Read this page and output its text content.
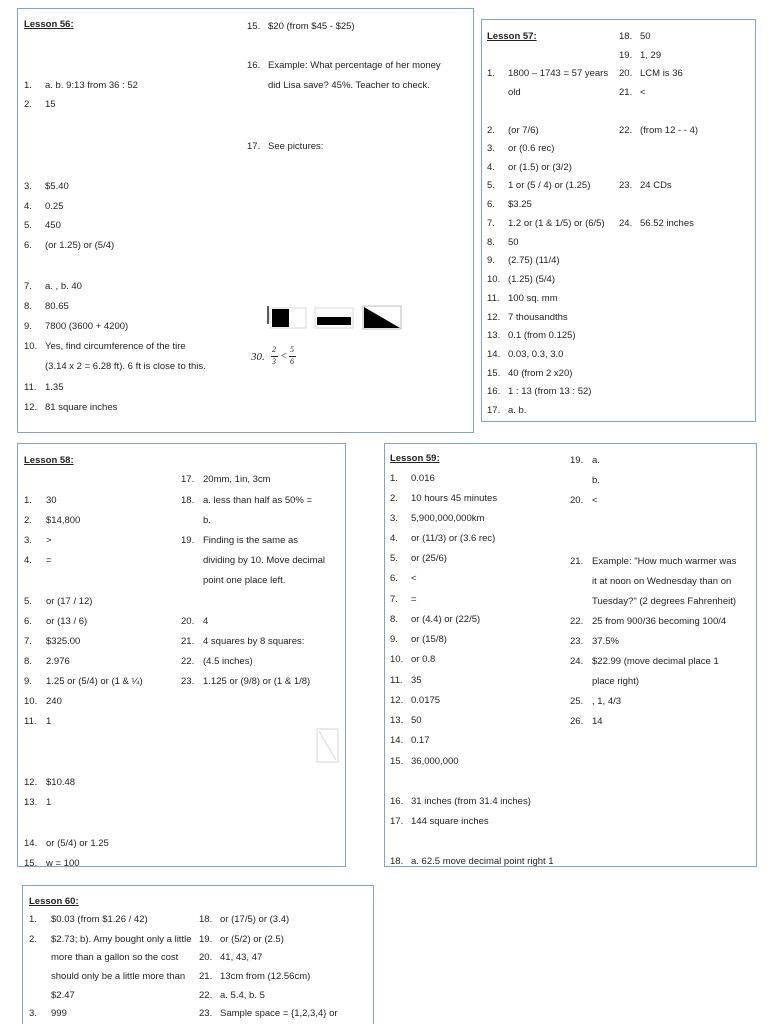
Lesson 56:
1. a. b. 9:13 from 36 : 52
2. 15
3. $5.40
4. 0.25
5. 450
6. (or 1.25) or (5/4)
7. a. , b. 40
8. 80.65
9. 7800 (3600 + 4200)
10. Yes, find circumference of the tire
(3.14 x 2 = 6.28 ft). 6 ft is close to this.
11. 1.35
12. 81 square inches
15. $20 (from $45 - $25)
16. Example: What percentage of her money
did Lisa save? 45%. Teacher to check.
17. See pictures:
30.
2
3 <
5
6
Lesson 57:
1. 1800 – 1743 = 57 years
old
2. (or 7/6)
3. or (0.6 rec)
4. or (1.5) or (3/2)
5. 1 or (5 / 4) or (1.25)
6. $3.25
7. 1.2 or (1 & 1/5) or (6/5)
8. 50
9. (2.75) (11/4)
10. (1.25) (5/4)
11. 100 sq. mm
12. 7 thousandths
13. 0.1 (from 0.125)
14. 0.03, 0.3, 3.0
15. 40 (from 2 x20)
16. 1 : 13 (from 13 : 52)
17. a. b.
18. 50
19. 1, 29
20. LCM is 36
21. <
22. (from 12 - - 4)
23. 24 CDs
24. 56.52 inches
Lesson 58:
1. 30
2. $14,800
3. >
4. =
5. or (17 / 12)
6. or (13 / 6)
7. $325.00
8. 2.976
9. 1.25 or (5/4) or (1 & ¼)
10. 240
11. 1
12. $10.48
13. 1
14. or (5/4) or 1.25
15. w = 100
17. 20mm, 1in, 3cm
18. a. less than half as 50% =
b.
19. Finding is the same as
dividing by 10. Move decimal
point one place left.
20. 4
21. 4 squares by 8 squares:
22. (4.5 inches)
23. 1.125 or (9/8) or (1 & 1/8)
Lesson 59:
1. 0.016
2. 10 hours 45 minutes
3. 5,900,000,000km
4. or (11/3) or (3.6 rec)
5. or (25/6)
6. <
7. =
8. or (4.4) or (22/5)
9. or (15/8)
10. or 0.8
11. 35
12. 0.0175
13. 50
14. 0.17
15. 36,000,000
16. 31 inches (from 31.4 inches)
17. 144 square inches
18. a. 62.5 move decimal point right 1
19. a.
b.
20. <
21. Example: "How much warmer was
it at noon on Wednesday than on
Tuesday?" (2 degrees Fahrenheit)
22. 25 from 900/36 becoming 100/4
23. 37.5%
24. $22.99 (move decimal place 1
place right)
25. , 1, 4/3
26. 14
Lesson 60:
1. $0.03 (from $1.26 / 42)
2. $2.73; b). Amy bought only a little
more than a gallon so the cost
should only be a little more than
$2.47
3. 999
18. or (17/5) or (3.4)
19. or (5/2) or (2.5)
20. 41, 43, 47
21. 13cm from (12.56cm)
22. a. 5.4, b. 5
23. Sample space = {1,2,3,4} or
